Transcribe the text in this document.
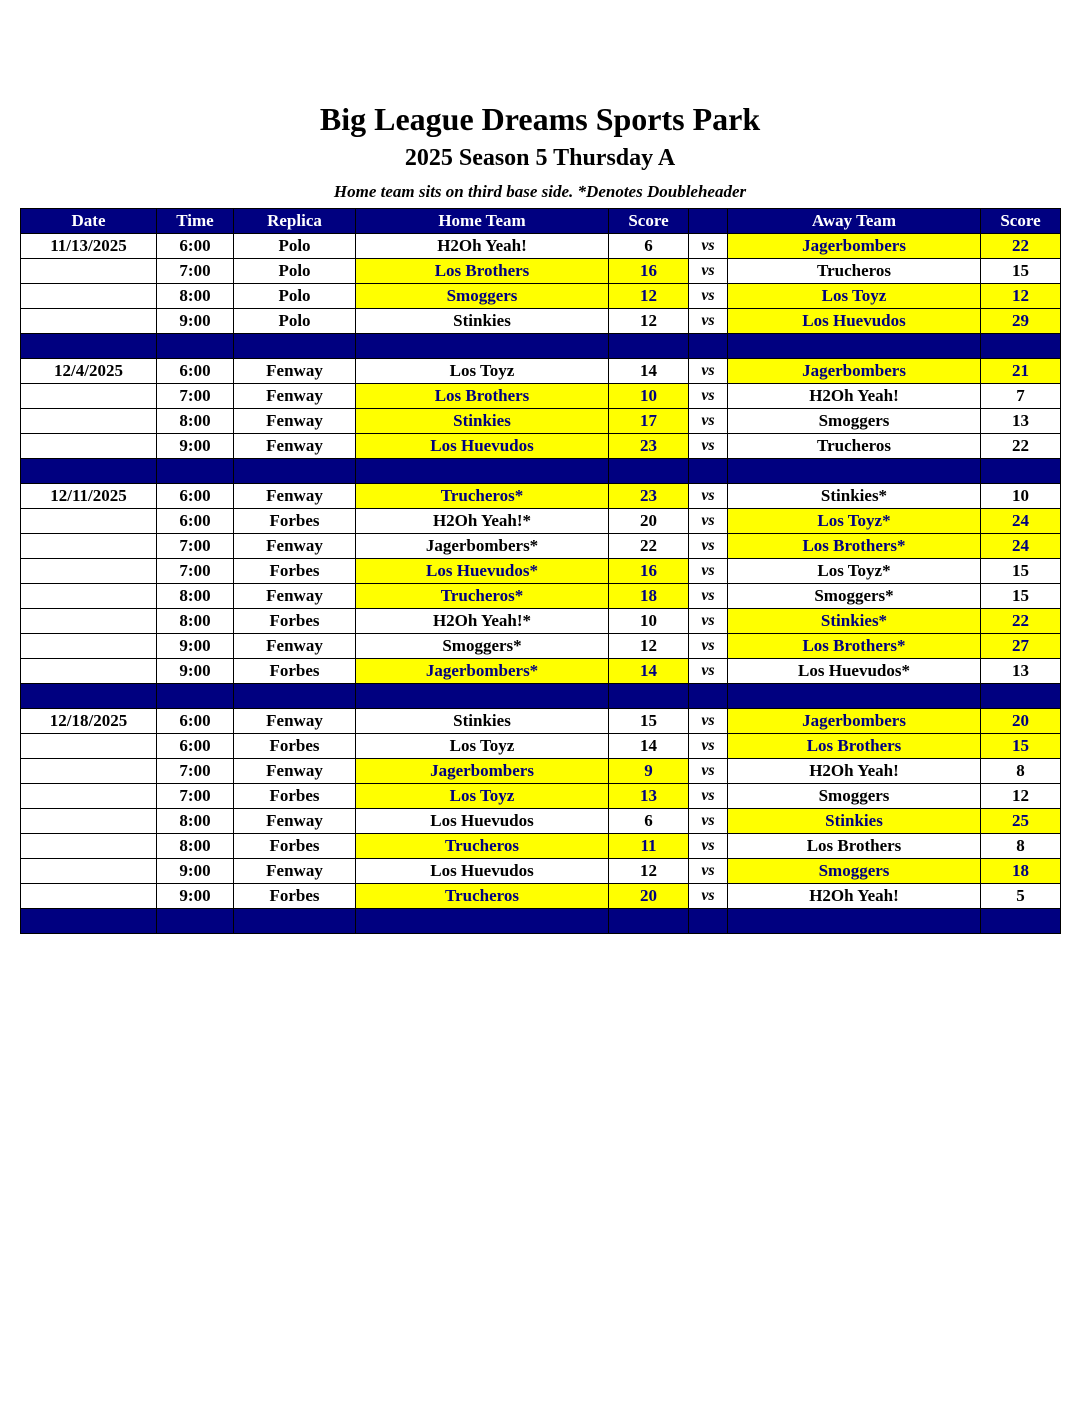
Big League Dreams Sports Park
2025 Season 5 Thursday A
Home team sits on third base side. *Denotes Doubleheader
Date	Time	Replica	Home Team	Score		Away Team	Score
11/13/2025	6:00	Polo	H2Oh Yeah!	6	vs	Jagerbombers	22
	7:00	Polo	Los Brothers	16	vs	Trucheros	15
	8:00	Polo	Smoggers	12	vs	Los Toyz	12
	9:00	Polo	Stinkies	12	vs	Los Huevudos	29

12/4/2025	6:00	Fenway	Los Toyz	14	vs	Jagerbombers	21
	7:00	Fenway	Los Brothers	10	vs	H2Oh Yeah!	7
	8:00	Fenway	Stinkies	17	vs	Smoggers	13
	9:00	Fenway	Los Huevudos	23	vs	Trucheros	22

12/11/2025	6:00	Fenway	Trucheros*	23	vs	Stinkies*	10
	6:00	Forbes	H2Oh Yeah!*	20	vs	Los Toyz*	24
	7:00	Fenway	Jagerbombers*	22	vs	Los Brothers*	24
	7:00	Forbes	Los Huevudos*	16	vs	Los Toyz*	15
	8:00	Fenway	Trucheros*	18	vs	Smoggers*	15
	8:00	Forbes	H2Oh Yeah!*	10	vs	Stinkies*	22
	9:00	Fenway	Smoggers*	12	vs	Los Brothers*	27
	9:00	Forbes	Jagerbombers*	14	vs	Los Huevudos*	13

12/18/2025	6:00	Fenway	Stinkies	15	vs	Jagerbombers	20
	6:00	Forbes	Los Toyz	14	vs	Los Brothers	15
	7:00	Fenway	Jagerbombers	9	vs	H2Oh Yeah!	8
	7:00	Forbes	Los Toyz	13	vs	Smoggers	12
	8:00	Fenway	Los Huevudos	6	vs	Stinkies	25
	8:00	Forbes	Trucheros	11	vs	Los Brothers	8
	9:00	Fenway	Los Huevudos	12	vs	Smoggers	18
	9:00	Forbes	Trucheros	20	vs	H2Oh Yeah!	5
